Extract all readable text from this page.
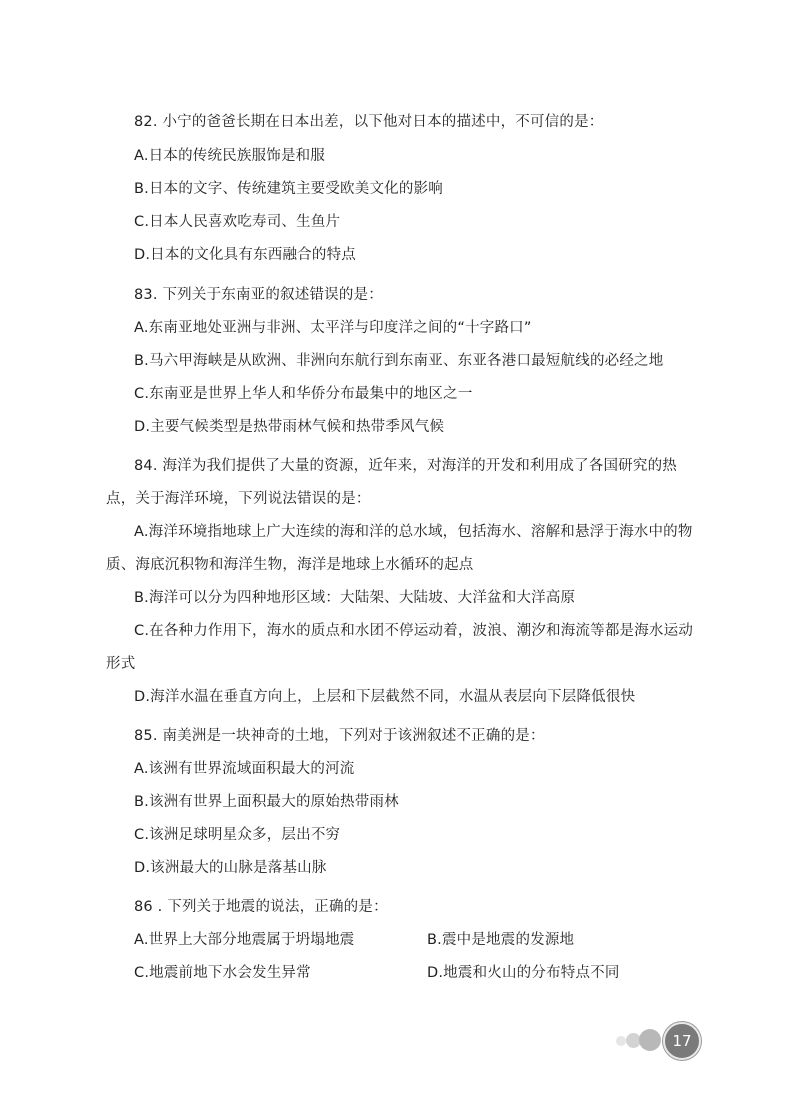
82. 小宁的爸爸长期在日本出差，以下他对日本的描述中，不可信的是：
A.日本的传统民族服饰是和服
B.日本的文字、传统建筑主要受欧美文化的影响
C.日本人民喜欢吃寿司、生鱼片
D.日本的文化具有东西融合的特点
83. 下列关于东南亚的叙述错误的是：
A.东南亚地处亚洲与非洲、太平洋与印度洋之间的“十字路口”
B.马六甲海峡是从欧洲、非洲向东航行到东南亚、东亚各港口最短航线的必经之地
C.东南亚是世界上华人和华侨分布最集中的地区之一
D.主要气候类型是热带雨林气候和热带季风气候
84. 海洋为我们提供了大量的资源，近年来，对海洋的开发和利用成了各国研究的热
点，关于海洋环境，下列说法错误的是：
A.海洋环境指地球上广大连续的海和洋的总水域，包括海水、溶解和悬浮于海水中的物
质、海底沉积物和海洋生物，海洋是地球上水循环的起点
B.海洋可以分为四种地形区域：大陆架、大陆坡、大洋盆和大洋高原
C.在各种力作用下，海水的质点和水团不停运动着，波浪、潮汐和海流等都是海水运动
形式
D.海洋水温在垂直方向上，上层和下层截然不同，水温从表层向下层降低很快
85. 南美洲是一块神奇的土地，下列对于该洲叙述不正确的是：
A.该洲有世界流域面积最大的河流
B.该洲有世界上面积最大的原始热带雨林
C.该洲足球明星众多，层出不穷
D.该洲最大的山脉是落基山脉
86 . 下列关于地震的说法，正确的是：
A.世界上大部分地震属于坍塌地震	B.震中是地震的发源地
C.地震前地下水会发生异常	D.地震和火山的分布特点不同
17
